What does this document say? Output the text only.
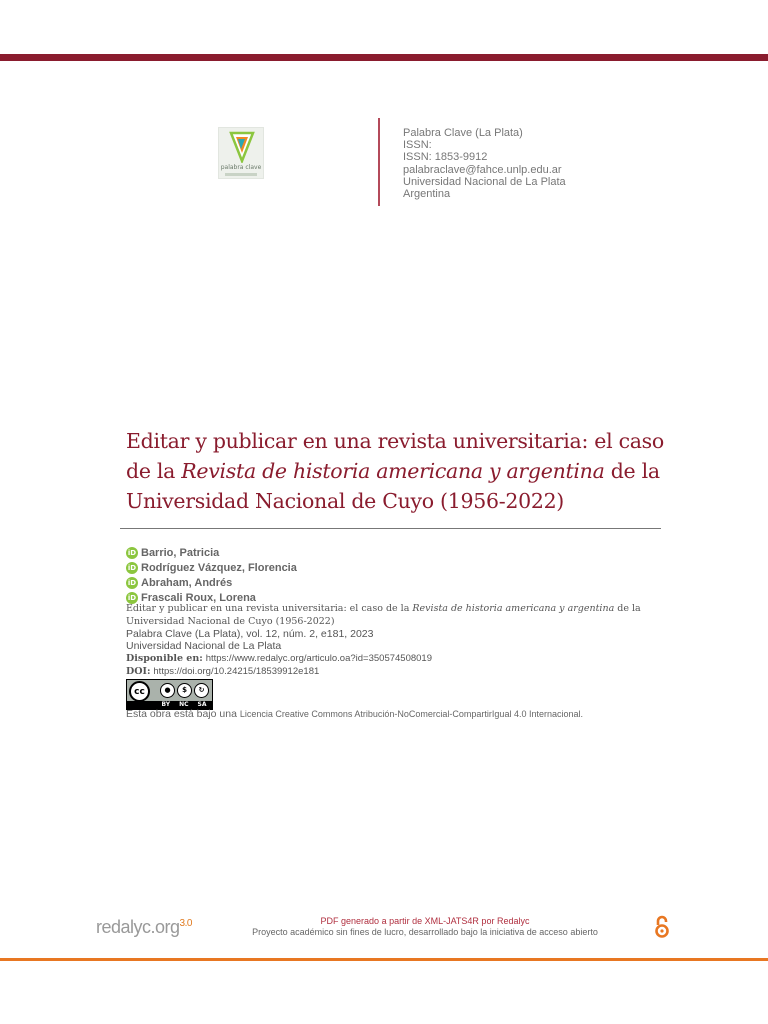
palabra clave
Palabra Clave (La Plata)
ISSN:
ISSN: 1853-9912
palabraclave@fahce.unlp.edu.ar
Universidad Nacional de La Plata
Argentina
Editar y publicar en una revista universitaria: el caso de la Revista de historia americana y argentina de la Universidad Nacional de Cuyo (1956-2022)
iD Barrio, Patricia
iD Rodríguez Vázquez, Florencia
iD Abraham, Andrés
iD Frascali Roux, Lorena
Editar y publicar en una revista universitaria: el caso de la Revista de historia americana y argentina de la Universidad Nacional de Cuyo (1956-2022)
Palabra Clave (La Plata), vol. 12, núm. 2, e181, 2023
Universidad Nacional de La Plata
Disponible en: https://www.redalyc.org/articulo.oa?id=350574508019
DOI: https://doi.org/10.24215/18539912e181
cc	●	$	↻
BY NC SA
Esta obra está bajo una Licencia Creative Commons Atribución-NoComercial-CompartirIgual 4.0 Internacional.
redalyc.org$^{3.0}$	PDF generado a partir de XML-JATS4R por Redalyc
Proyecto académico sin fines de lucro, desarrollado bajo la iniciativa de acceso abierto
